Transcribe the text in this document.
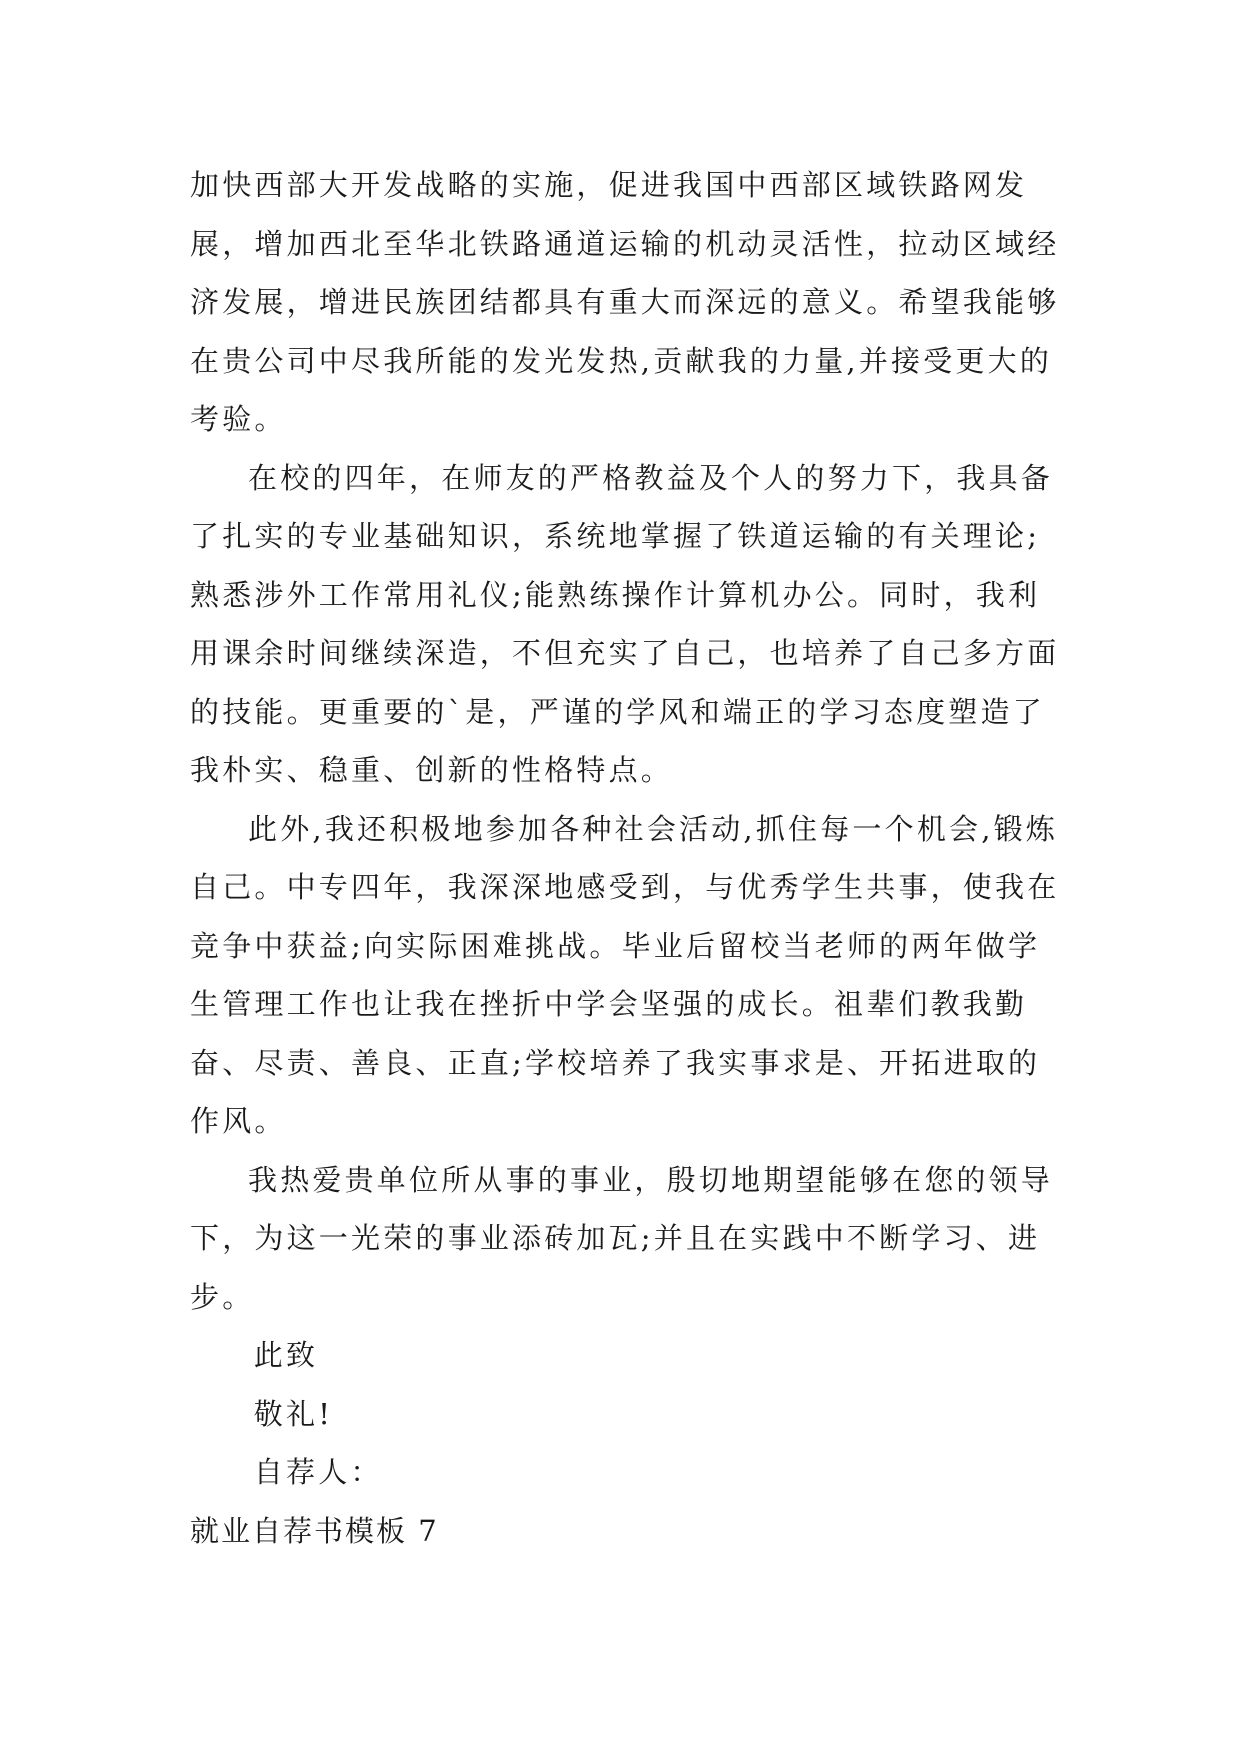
加快西部大开发战略的实施，促进我国中西部区域铁路网发展，增加西北至华北铁路通道运输的机动灵活性，拉动区域经济发展，增进民族团结都具有重大而深远的意义。希望我能够在贵公司中尽我所能的发光发热,贡献我的力量,并接受更大的考验。

在校的四年，在师友的严格教益及个人的努力下，我具备了扎实的专业基础知识，系统地掌握了铁道运输的有关理论;熟悉涉外工作常用礼仪;能熟练操作计算机办公。同时，我利用课余时间继续深造，不但充实了自己，也培养了自己多方面的技能。更重要的`是，严谨的学风和端正的学习态度塑造了我朴实、稳重、创新的性格特点。

此外,我还积极地参加各种社会活动,抓住每一个机会,锻炼自己。中专四年，我深深地感受到，与优秀学生共事，使我在竞争中获益;向实际困难挑战。毕业后留校当老师的两年做学生管理工作也让我在挫折中学会坚强的成长。祖辈们教我勤奋、尽责、善良、正直;学校培养了我实事求是、开拓进取的作风。

我热爱贵单位所从事的事业，殷切地期望能够在您的领导下，为这一光荣的事业添砖加瓦;并且在实践中不断学习、进步。

此致

敬礼!

自荐人：

就业自荐书模板 7
